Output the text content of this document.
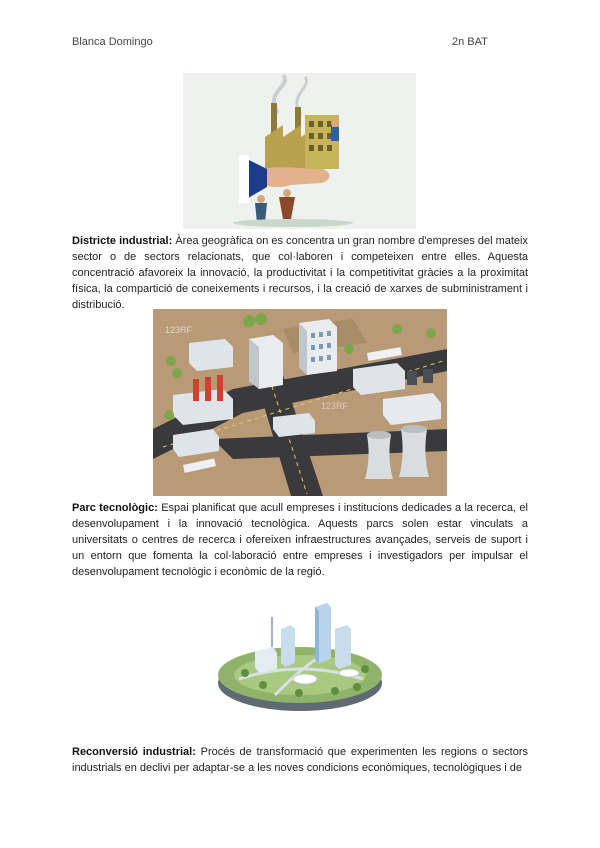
Blanca Domingo	2n BAT

Districte industrial: Àrea geogràfica on es concentra un gran nombre d'empreses del mateix sector o de sectors relacionats, que col·laboren i competeixen entre elles. Aquesta concentració afavoreix la innovació, la productivitat i la competitivitat gràcies a la proximitat física, la compartició de coneixements i recursos, i la creació de xarxes de subministrament i distribució.

123RF
123RF

Parc tecnològic: Espai planificat que acull empreses i institucions dedicades a la recerca, el desenvolupament i la innovació tecnològica. Aquests parcs solen estar vinculats a universitats o centres de recerca i ofereixen infraestructures avançades, serveis de suport i un entorn que fomenta la col·laboració entre empreses i investigadors per impulsar el desenvolupament tecnològic i econòmic de la regió.

Reconversió industrial: Procés de transformació que experimenten les regions o sectors industrials en declivi per adaptar-se a les noves condicions econòmiques, tecnològiques i de
